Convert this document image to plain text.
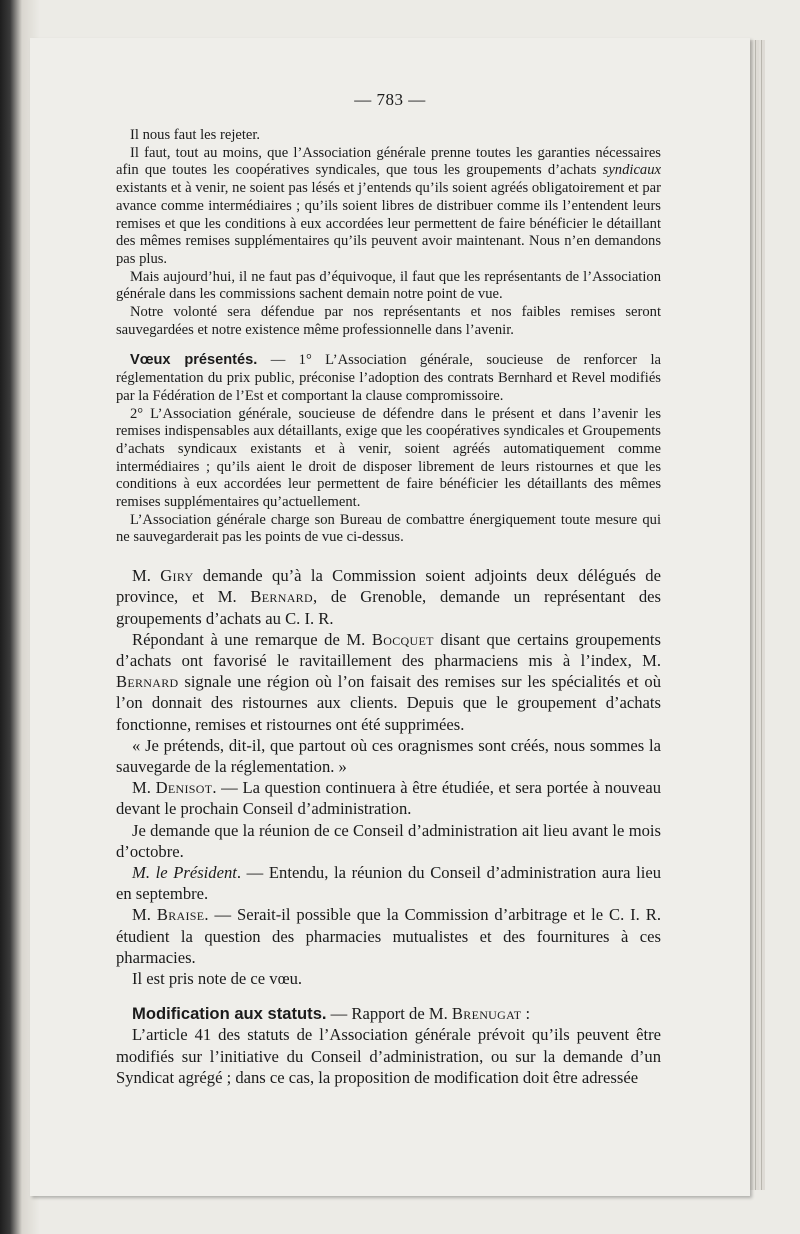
— 783 —

Il nous faut les rejeter.

Il faut, tout au moins, que l’Association générale prenne toutes les garanties nécessaires afin que toutes les coopératives syndicales, que tous les groupements d’achats syndicaux existants et à venir, ne soient pas lésés et j’entends qu’ils soient agréés obligatoirement et par avance comme intermédiaires ; qu’ils soient libres de distribuer comme ils l’entendent leurs remises et que les conditions à eux accordées leur permettent de faire bénéficier le détaillant des mêmes remises supplémentaires qu’ils peuvent avoir maintenant. Nous n’en demandons pas plus.

Mais aujourd’hui, il ne faut pas d’équivoque, il faut que les représentants de l’Association générale dans les commissions sachent demain notre point de vue.

Notre volonté sera défendue par nos représentants et nos faibles remises seront sauvegardées et notre existence même professionnelle dans l’avenir.

Vœux présentés. — 1° L’Association générale, soucieuse de renforcer la réglementation du prix public, préconise l’adoption des contrats Bernhard et Revel modifiés par la Fédération de l’Est et comportant la clause compromissoire.

2° L’Association générale, soucieuse de défendre dans le présent et dans l’avenir les remises indispensables aux détaillants, exige que les coopératives syndicales et Groupements d’achats syndicaux existants et à venir, soient agréés automatiquement comme intermédiaires ; qu’ils aient le droit de disposer librement de leurs ristournes et que les conditions à eux accordées leur permettent de faire bénéficier les détaillants des mêmes remises supplémentaires qu’actuellement.

L’Association générale charge son Bureau de combattre énergiquement toute mesure qui ne sauvegarderait pas les points de vue ci-dessus.

M. Giry demande qu’à la Commission soient adjoints deux délégués de province, et M. Bernard, de Grenoble, demande un représentant des groupements d’achats au C. I. R.

Répondant à une remarque de M. Bocquet disant que certains groupements d’achats ont favorisé le ravitaillement des pharmaciens mis à l’index, M. Bernard signale une région où l’on faisait des remises sur les spécialités et où l’on donnait des ristournes aux clients. Depuis que le groupement d’achats fonctionne, remises et ristournes ont été supprimées.

« Je prétends, dit-il, que partout où ces oragnismes sont créés, nous sommes la sauvegarde de la réglementation. »

M. Denisot. — La question continuera à être étudiée, et sera portée à nouveau devant le prochain Conseil d’administration.

Je demande que la réunion de ce Conseil d’administration ait lieu avant le mois d’octobre.

M. le Président. — Entendu, la réunion du Conseil d’administration aura lieu en septembre.

M. Braise. — Serait-il possible que la Commission d’arbitrage et le C. I. R. étudient la question des pharmacies mutualistes et des fournitures à ces pharmacies.

Il est pris note de ce vœu.

Modification aux statuts. — Rapport de M. Brenugat :

L’article 41 des statuts de l’Association générale prévoit qu’ils peuvent être modifiés sur l’initiative du Conseil d’administration, ou sur la demande d’un Syndicat agrégé ; dans ce cas, la proposition de modification doit être adressée
